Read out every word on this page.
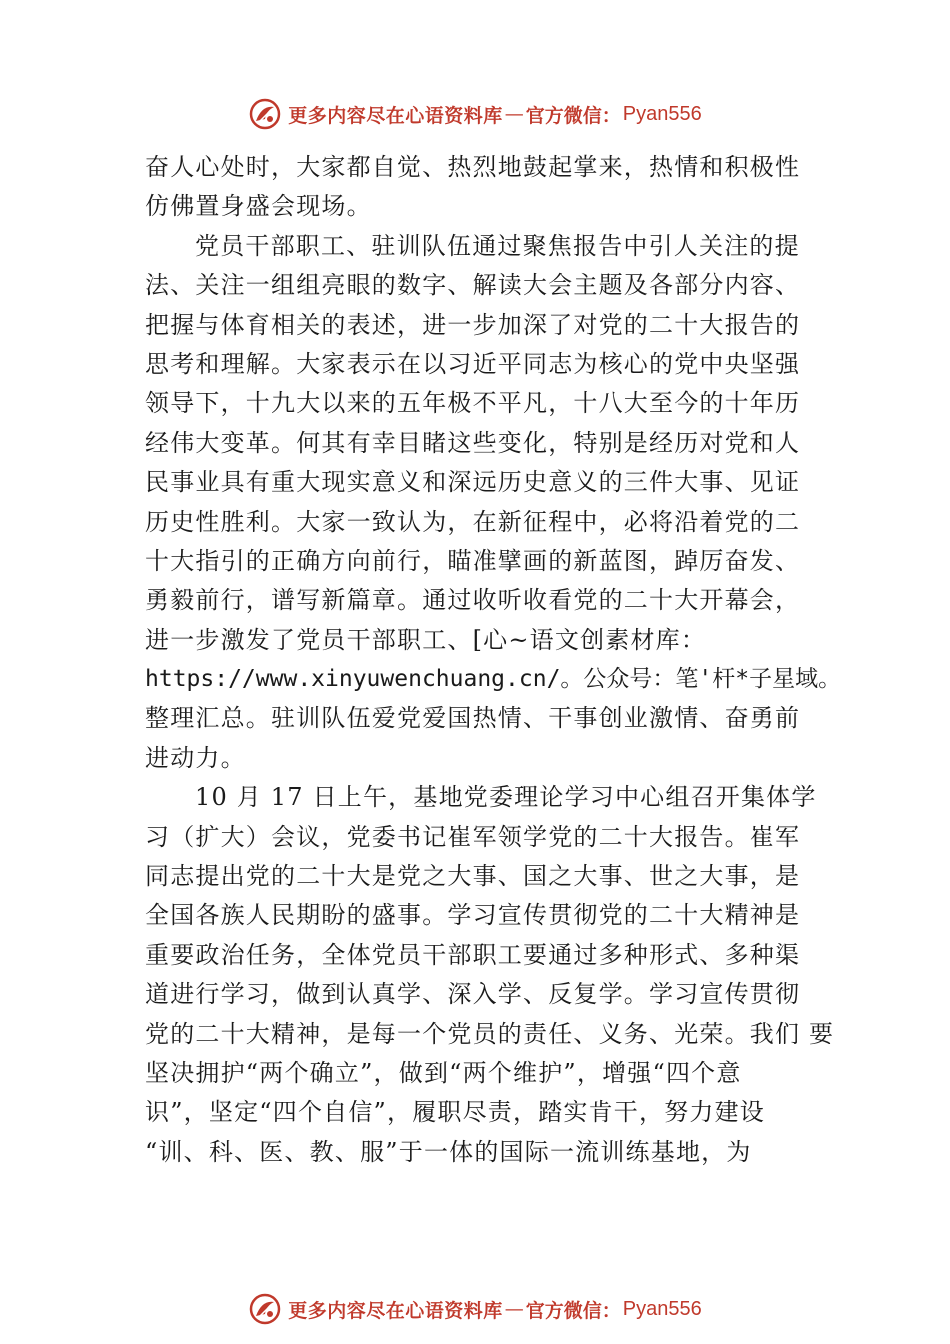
更多内容尽在心语资料库 — 官方微信： Pyan556
奋人心处时，大家都自觉、热烈地鼓起掌来，热情和积极性
仿佛置身盛会现场。
党员干部职工、驻训队伍通过聚焦报告中引人关注的提
法、关注一组组亮眼的数字、解读大会主题及各部分内容、
把握与体育相关的表述，进一步加深了对党的二十大报告的
思考和理解。大家表示在以习近平同志为核心的党中央坚强
领导下，十九大以来的五年极不平凡，十八大至今的十年历
经伟大变革。何其有幸目睹这些变化，特别是经历对党和人
民事业具有重大现实意义和深远历史意义的三件大事、见证
历史性胜利。大家一致认为，在新征程中，必将沿着党的二
十大指引的正确方向前行，瞄准擘画的新蓝图，踔厉奋发、
勇毅前行，谱写新篇章。通过收听收看党的二十大开幕会，
进一步激发了党员干部职工、[心~语文创素材库：
https://www.xinyuwenchuang.cn/。公众号：笔'杆*子星域。
整理汇总。驻训队伍爱党爱国热情、干事创业激情、奋勇前
进动力。
10 月 17 日上午，基地党委理论学习中心组召开集体学
习（扩大）会议，党委书记崔军领学党的二十大报告。崔军
同志提出党的二十大是党之大事、国之大事、世之大事，是
全国各族人民期盼的盛事。学习宣传贯彻党的二十大精神是
重要政治任务，全体党员干部职工要通过多种形式、多种渠
道进行学习，做到认真学、深入学、反复学。学习宣传贯彻
党的二十大精神，是每一个党员的责任、义务、光荣。我们 要
坚决拥护“两个确立”，做到“两个维护”，增强“四个意
识”，坚定“四个自信”，履职尽责，踏实肯干，努力建设
“训、科、医、教、服”于一体的国际一流训练基地，为
更多内容尽在心语资料库 — 官方微信： Pyan556
